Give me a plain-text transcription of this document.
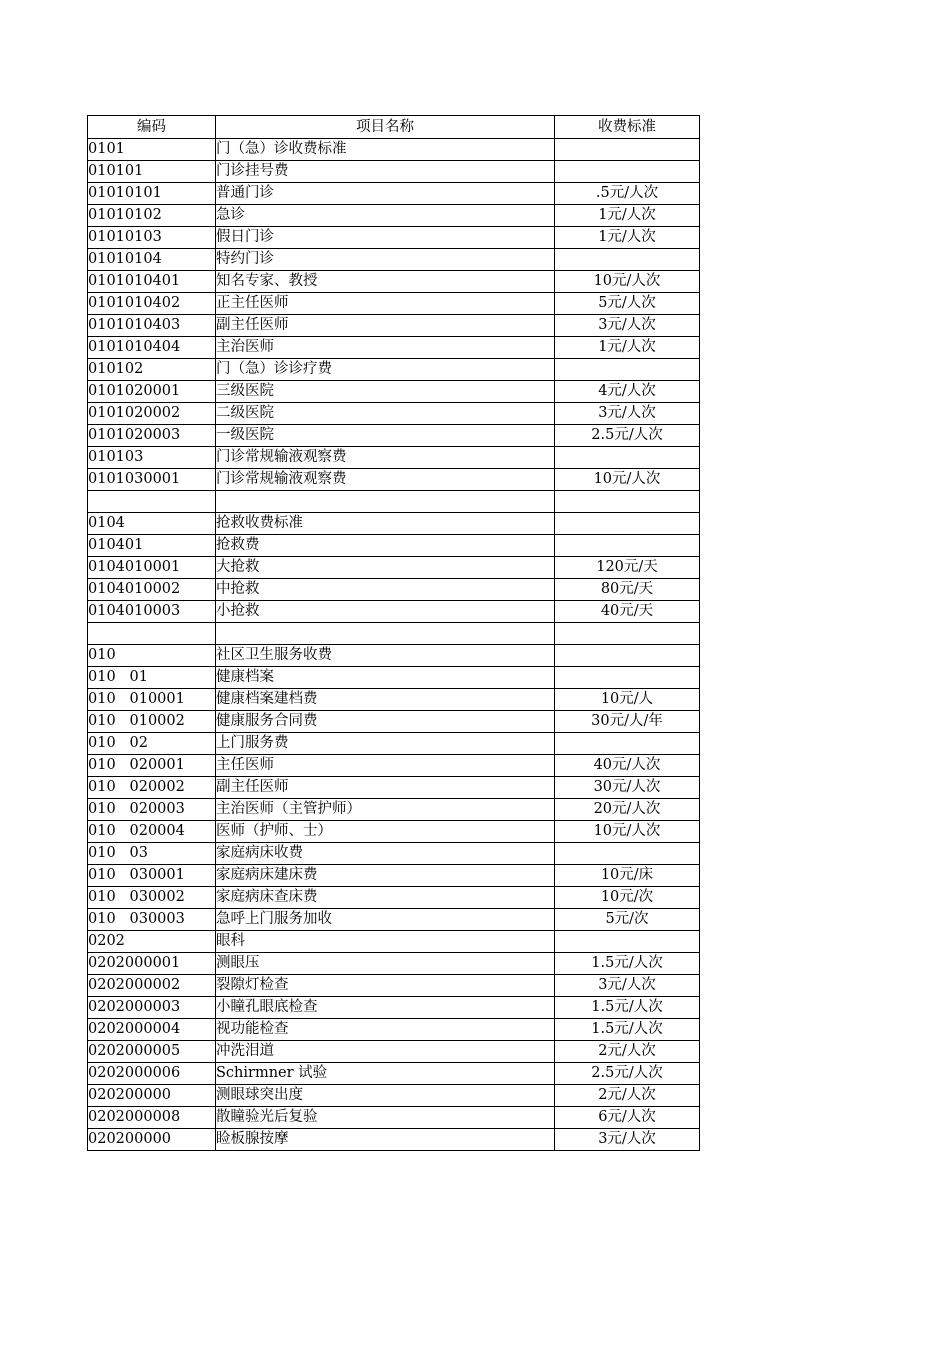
编码	项目名称	收费标准
0101	门（急）诊收费标准	
010101	门诊挂号费	
01010101	普通门诊	.5元/人次
01010102	急诊	1元/人次
01010103	假日门诊	1元/人次
01010104	特约门诊	
0101010401	知名专家、教授	10元/人次
0101010402	正主任医师	5元/人次
0101010403	副主任医师	3元/人次
0101010404	主治医师	1元/人次
010102	门（急）诊诊疗费	
0101020001	三级医院	4元/人次
0101020002	二级医院	3元/人次
0101020003	一级医院	2.5元/人次
010103	门诊常规输液观察费	
0101030001	门诊常规输液观察费	10元/人次

0104	抢救收费标准	
010401	抢救费	
0104010001	大抢救	120元/天
0104010002	中抢救	80元/天
0104010003	小抢救	40元/天

010	社区卫生服务收费	
010   01	健康档案	
010   010001	健康档案建档费	10元/人
010   010002	健康服务合同费	30元/人/年
010   02	上门服务费	
010   020001	主任医师	40元/人次
010   020002	副主任医师	30元/人次
010   020003	主治医师（主管护师）	20元/人次
010   020004	医师（护师、士）	10元/人次
010   03	家庭病床收费	
010   030001	家庭病床建床费	10元/床
010   030002	家庭病床查床费	10元/次
010   030003	急呼上门服务加收	5元/次
0202	眼科	
0202000001	测眼压	1.5元/人次
0202000002	裂隙灯检查	3元/人次
0202000003	小瞳孔眼底检查	1.5元/人次
0202000004	视功能检查	1.5元/人次
0202000005	冲洗泪道	2元/人次
0202000006	Schirmner 试验	2.5元/人次
020200000	测眼球突出度	2元/人次
0202000008	散瞳验光后复验	6元/人次
020200000	睑板腺按摩	3元/人次
